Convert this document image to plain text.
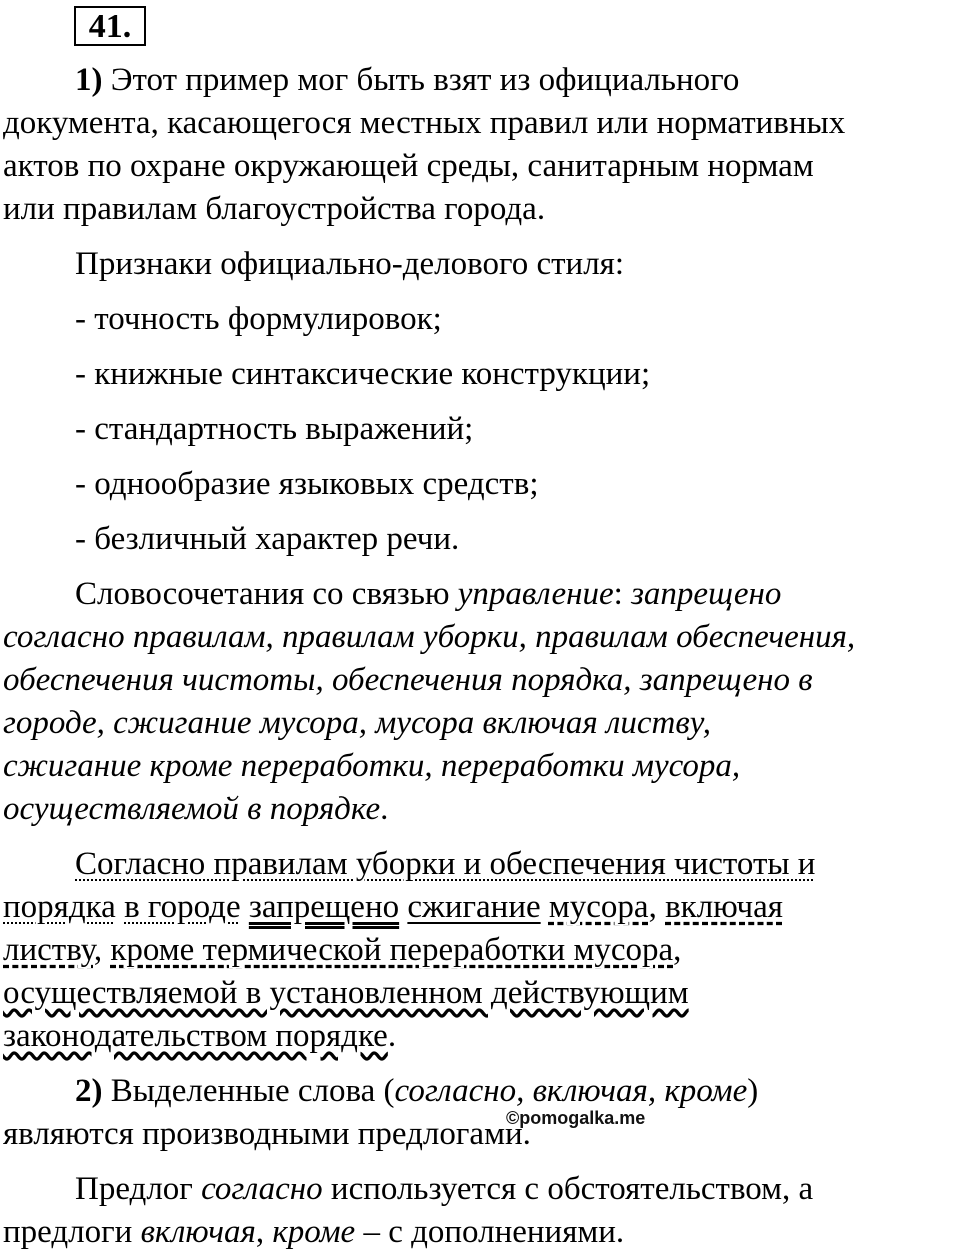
41.
1) Этот пример мог быть взят из официального
документа, касающегося местных правил или нормативных
актов по охране окружающей среды, санитарным нормам
или правилам благоустройства города.
Признаки официально-делового стиля:
- точность формулировок;
- книжные синтаксические конструкции;
- стандартность выражений;
- однообразие языковых средств;
- безличный характер речи.
Словосочетания со связью управление: запрещено
согласно правилам, правилам уборки, правилам обеспечения,
обеспечения чистоты, обеспечения порядка, запрещено в
городе, сжигание мусора, мусора включая листву,
сжигание кроме переработки, переработки мусора,
осуществляемой в порядке.
Согласно правилам уборки и обеспечения чистоты и
порядка в городе запрещено сжигание мусора, включая
листву, кроме термической переработки мусора,
осуществляемой в установленном действующим
законодательством порядке.
2) Выделенные слова (согласно, включая, кроме)
являются производными предлогами.
Предлог согласно используется с обстоятельством, а
предлоги включая, кроме – с дополнениями.
©pomogalka.me
